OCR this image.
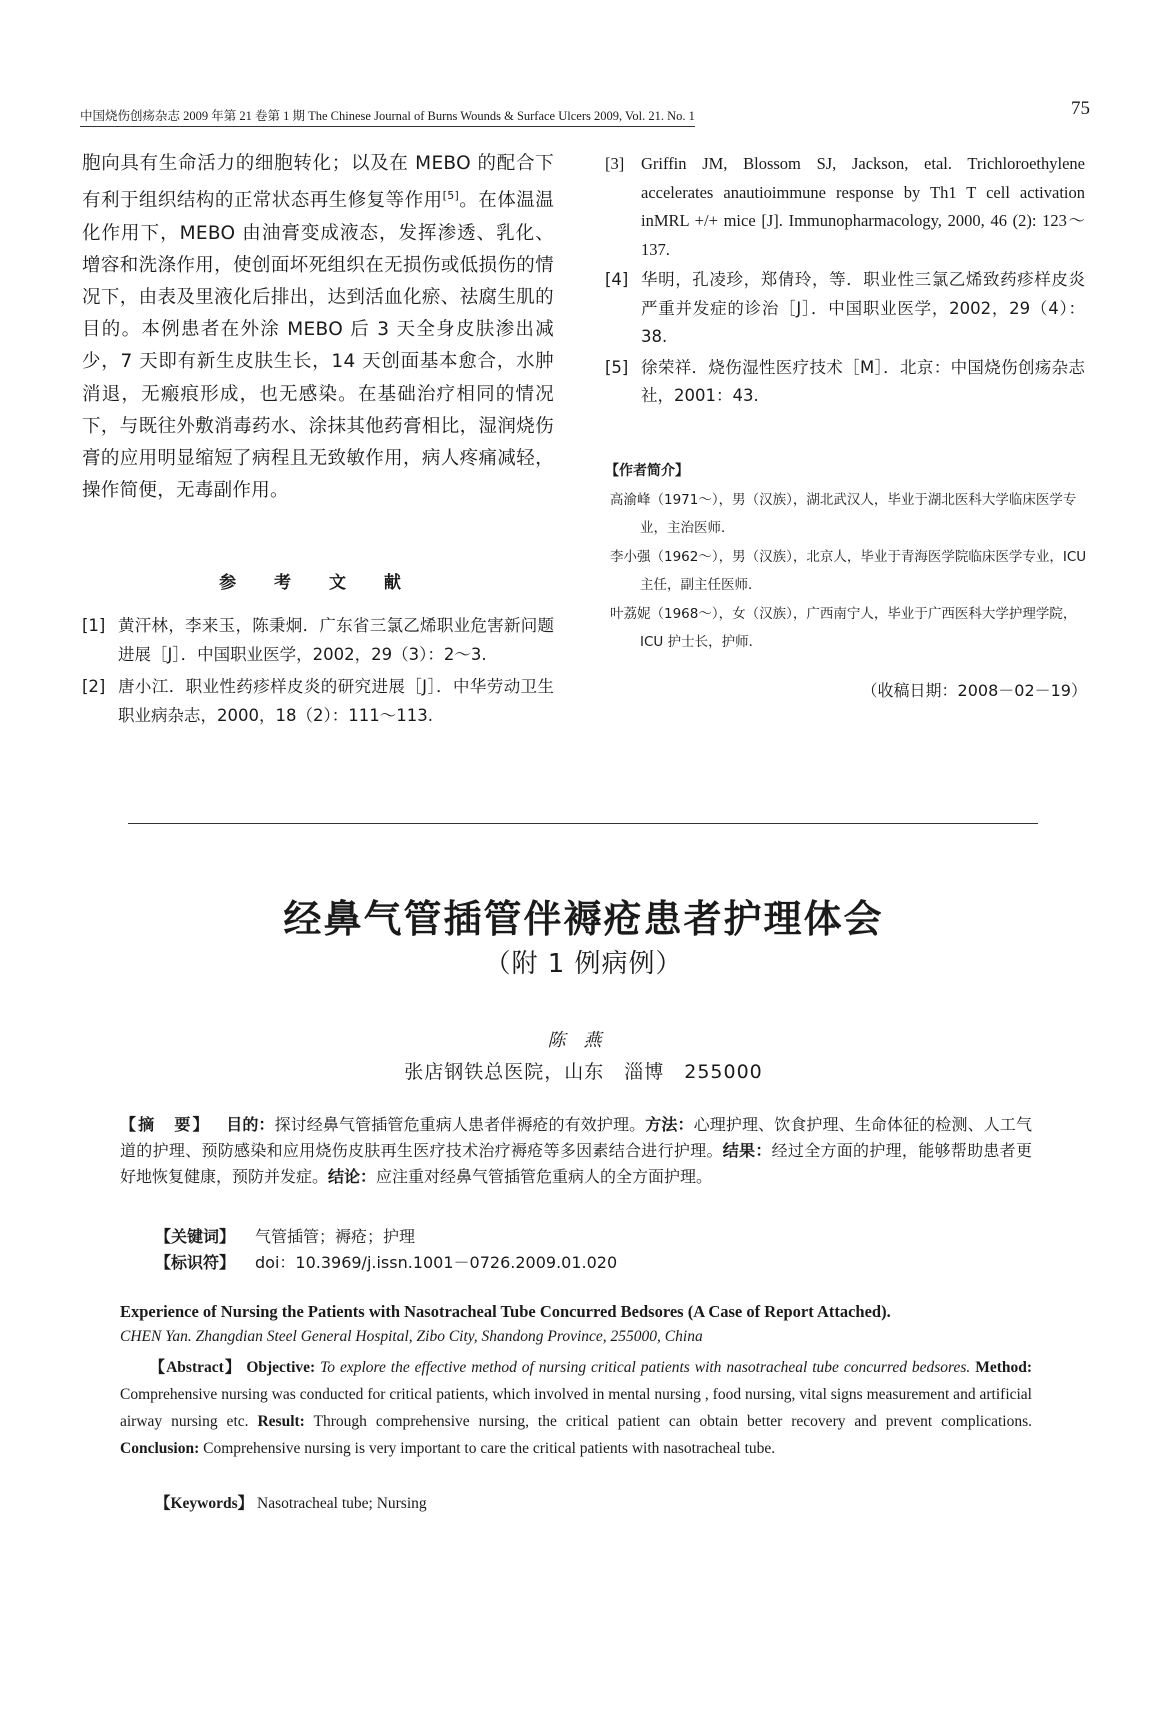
中国烧伤创疡杂志 2009 年第 21 卷第 1 期 The Chinese Journal of Burns Wounds & Surface Ulcers 2009, Vol. 21. No. 1	75
胞向具有生命活力的细胞转化；以及在 MEBO 的配合下有利于组织结构的正常状态再生修复等作用[5]。在体温温化作用下，MEBO 由油膏变成液态，发挥渗透、乳化、增容和洗涤作用，使创面坏死组织在无损伤或低损伤的情况下，由表及里液化后排出，达到活血化瘀、祛腐生肌的目的。本例患者在外涂 MEBO 后 3 天全身皮肤渗出减少，7 天即有新生皮肤生长，14 天创面基本愈合，水肿消退，无瘢痕形成，也无感染。在基础治疗相同的情况下，与既往外敷消毒药水、涂抹其他药膏相比，湿润烧伤膏的应用明显缩短了病程且无致敏作用，病人疼痛减轻，操作简便，无毒副作用。
参 考 文 献
[1] 黄汗林，李来玉，陈秉炯．广东省三氯乙烯职业危害新问题进展［J］．中国职业医学，2002，29（3）：2～3.
[2] 唐小江．职业性药疹样皮炎的研究进展［J］．中华劳动卫生职业病杂志，2000，18（2）：111～113.
[3] Griffin JM, Blossom SJ, Jackson, etal. Trichloroethylene accelerates anautioimmune response by Th1 T cell activation inMRL +/+ mice [J]. Immunopharmacology, 2000, 46 (2): 123～137.
[4] 华明，孔凌珍，郑倩玲，等．职业性三氯乙烯致药疹样皮炎严重并发症的诊治［J］．中国职业医学，2002，29（4）：38.
[5] 徐荣祥．烧伤湿性医疗技术［M］．北京：中国烧伤创疡杂志社，2001：43.
【作者简介】
高渝峰（1971～），男（汉族），湖北武汉人，毕业于湖北医科大学临床医学专业，主治医师．
李小强（1962～），男（汉族），北京人，毕业于青海医学院临床医学专业，ICU 主任，副主任医师．
叶荔妮（1968～），女（汉族），广西南宁人，毕业于广西医科大学护理学院，ICU 护士长，护师．
（收稿日期：2008－02－19）
经鼻气管插管伴褥疮患者护理体会
（附 1 例病例）
陈燕
张店钢铁总医院，山东　淄博　255000
【摘　要】 目的：探讨经鼻气管插管危重病人患者伴褥疮的有效护理。方法：心理护理、饮食护理、生命体征的检测、人工气道的护理、预防感染和应用烧伤皮肤再生医疗技术治疗褥疮等多因素结合进行护理。结果：经过全方面的护理，能够帮助患者更好地恢复健康，预防并发症。结论：应注重对经鼻气管插管危重病人的全方面护理。
【关键词】 气管插管；褥疮；护理
【标识符】 doi：10.3969/j.issn.1001－0726.2009.01.020
Experience of Nursing the Patients with Nasotracheal Tube Concurred Bedsores (A Case of Report Attached).
CHEN Yan. Zhangdian Steel General Hospital, Zibo City, Shandong Province, 255000, China
【Abstract】 Objective: To explore the effective method of nursing critical patients with nasotracheal tube concurred bedsores. Method: Comprehensive nursing was conducted for critical patients, which involved in mental nursing , food nursing, vital signs measurement and artificial airway nursing etc. Result: Through comprehensive nursing, the critical patient can obtain better recovery and prevent complications. Conclusion: Comprehensive nursing is very important to care the critical patients with nasotracheal tube.
【Keywords】 Nasotracheal tube; Nursing
